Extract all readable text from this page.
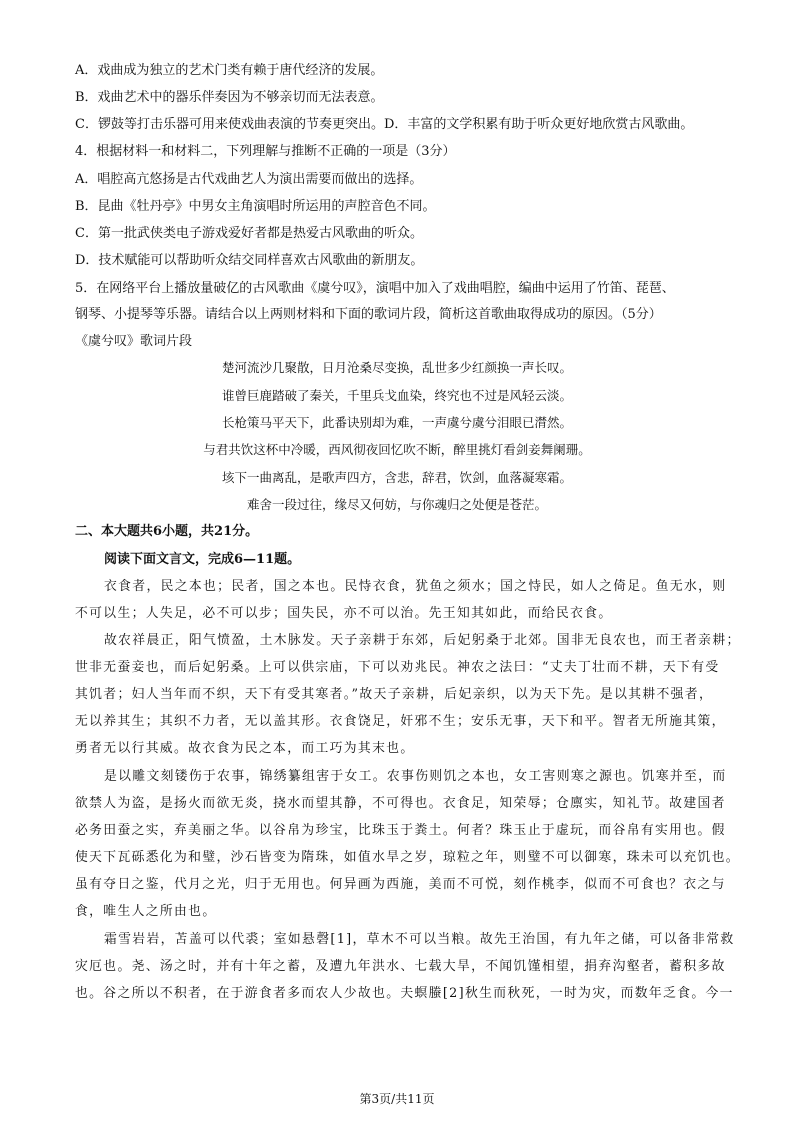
A．戏曲成为独立的艺术门类有赖于唐代经济的发展。
B．戏曲艺术中的器乐伴奏因为不够亲切而无法表意。
C．锣鼓等打击乐器可用来使戏曲表演的节奏更突出。D．丰富的文学积累有助于听众更好地欣赏古风歌曲。
4．根据材料一和材料二，下列理解与推断不正确的一项是（3分）
A．唱腔高亢悠扬是古代戏曲艺人为演出需要而做出的选择。
B．昆曲《牡丹亭》中男女主角演唱时所运用的声腔音色不同。
C．第一批武侠类电子游戏爱好者都是热爱古风歌曲的听众。
D．技术赋能可以帮助听众结交同样喜欢古风歌曲的新朋友。
5．在网络平台上播放量破亿的古风歌曲《虞兮叹》，演唱中加入了戏曲唱腔，编曲中运用了竹笛、琵琶、
钢琴、小提琴等乐器。请结合以上两则材料和下面的歌词片段，简析这首歌曲取得成功的原因。（5分）
《虞兮叹》歌词片段
楚河流沙几聚散，日月沧桑尽变换，乱世多少红颜换一声长叹。
谁曾巨鹿踏破了秦关，千里兵戈血染，终究也不过是风轻云淡。
长枪策马平天下，此番诀别却为难，一声虞兮虞兮泪眼已潸然。
与君共饮这杯中冷暖，西风彻夜回忆吹不断，醉里挑灯看剑妾舞阑珊。
垓下一曲离乱，是歌声四方，含悲，辞君，饮剑，血落凝寒霜。
难舍一段过往，缘尽又何妨，与你魂归之处便是苍茫。
二、本大题共6小题，共21分。
阅读下面文言文，完成6—11题。
衣食者，民之本也；民者，国之本也。民恃衣食，犹鱼之须水；国之恃民，如人之倚足。鱼无水，则
不可以生；人失足，必不可以步；国失民，亦不可以治。先王知其如此，而给民衣食。
故农祥晨正，阳气愤盈，土木脉发。天子亲耕于东郊，后妃躬桑于北郊。国非无良农也，而王者亲耕；
世非无蚕妾也，而后妃躬桑。上可以供宗庙，下可以劝兆民。神农之法曰：“丈夫丁壮而不耕，天下有受
其饥者；妇人当年而不织，天下有受其寒者。”故天子亲耕，后妃亲织，以为天下先。是以其耕不强者，
无以养其生；其织不力者，无以盖其形。衣食饶足，奸邪不生；安乐无事，天下和平。智者无所施其策，
勇者无以行其威。故衣食为民之本，而工巧为其末也。
是以雕文刻镂伤于农事，锦绣纂组害于女工。农事伤则饥之本也，女工害则寒之源也。饥寒并至，而
欲禁人为盗，是扬火而欲无炎，挠水而望其静，不可得也。衣食足，知荣辱；仓廪实，知礼节。故建国者
必务田蚕之实，弃美丽之华。以谷帛为珍宝，比珠玉于粪土。何者？珠玉止于虚玩，而谷帛有实用也。假
使天下瓦砾悉化为和璧，沙石皆变为隋珠，如值水旱之岁，琼粒之年，则璧不可以御寒，珠未可以充饥也。
虽有夺日之鉴，代月之光，归于无用也。何异画为西施，美而不可悦，刻作桃李，似而不可食也？衣之与
食，唯生人之所由也。
霜雪岩岩，苫盖可以代裘；室如悬磬[1]，草木不可以当粮。故先王治国，有九年之储，可以备非常救
灾厄也。尧、汤之时，并有十年之蓄，及遭九年洪水、七载大旱，不闻饥馑相望，捐弃沟壑者，蓄积多故
也。谷之所以不积者，在于游食者多而农人少故也。夫螟螣[2]秋生而秋死，一时为灾，而数年乏食。今一
第3页/共11页
